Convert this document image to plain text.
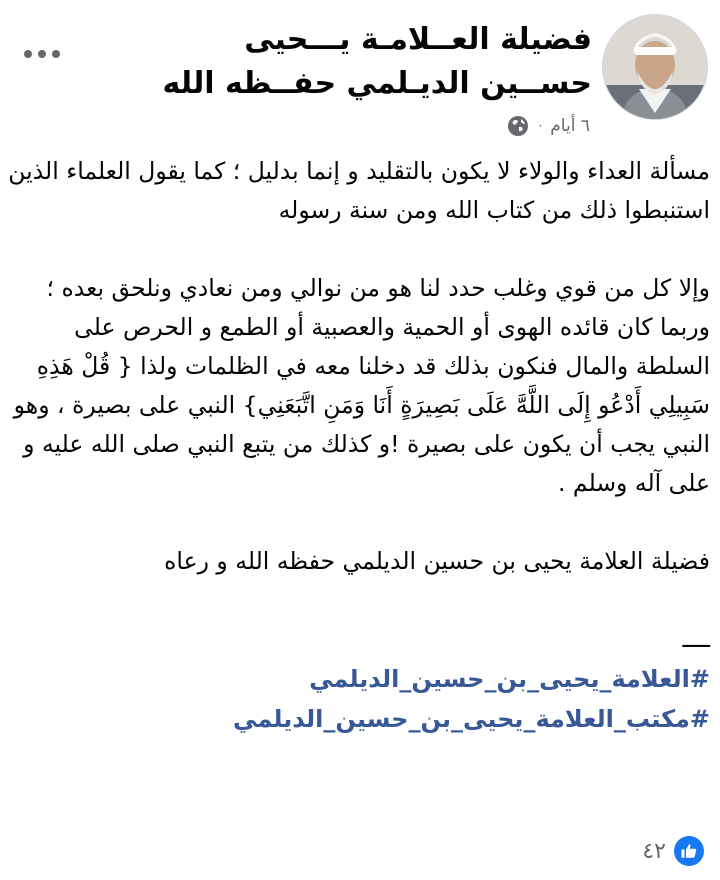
فضيلة العــلامـة يـــحيى حســين الديـلمي حفــظه الله
٦ أيام
·

مسألة العداء والولاء لا يكون بالتقليد و إنما بدليل ؛ كما يقول العلماء الذين استنبطوا ذلك من كتاب الله ومن سنة رسوله

وإلا كل من قوي وغلب حدد لنا هو من نوالي ومن نعادي ونلحق بعده ؛ وربما كان قائده الهوى أو الحمية والعصبية أو الطمع و الحرص على السلطة والمال فنكون بذلك قد دخلنا معه في الظلمات ولذا { قُلْ هَذِهِ سَبِيلِي أَدْعُو إِلَى اللَّهَّ عَلَى بَصِيرَةٍ أَنَا وَمَنِ اتَّبَعَنِي} النبي على بصيرة ، وهو النبي يجب أن يكون على بصيرة !و كذلك من يتبع النبي صلى الله عليه و على آله وسلم .

فضيلة العلامة يحيى بن حسين الديلمي حفظه الله و رعاه

ــــ
#العلامة_يحيى_بن_حسين_الديلمي
#مكتب_العلامة_يحيى_بن_حسين_الديلمي
٤٢
